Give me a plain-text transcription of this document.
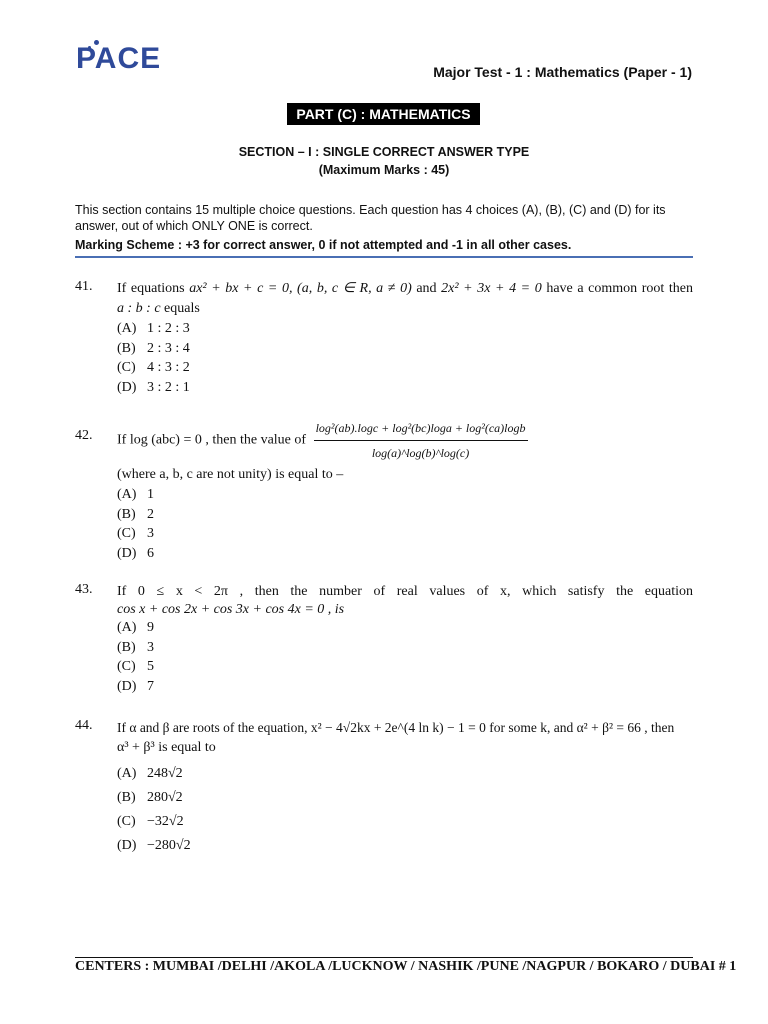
PACE	Major Test - 1 : Mathematics (Paper - 1)
PART (C) : MATHEMATICS
SECTION – I : SINGLE CORRECT ANSWER TYPE
(Maximum Marks : 45)
This section contains 15 multiple choice questions. Each question has 4 choices (A), (B), (C) and (D) for its answer, out of which ONLY ONE is correct.
Marking Scheme : +3 for correct answer, 0 if not attempted and -1 in all other cases.
41. If equations ax² + bx + c = 0, (a, b, c ∈ R, a ≠ 0) and 2x² + 3x + 4 = 0 have a common root then
a : b : c equals
(A) 1 : 2 : 3
(B) 2 : 3 : 4
(C) 4 : 3 : 2
(D) 3 : 2 : 1
42. If log (abc) = 0 , then the value of $\frac{\text{log²(ab).logc + log²(bc)loga + log²(ca)logb}}{\log(a)\^{}\log(b)\^{}\log(c)}$
(where a, b, c are not unity) is equal to –
(A) 1
(B) 2
(C) 3
(D) 6
43. If 0 ≤ x < 2π , then the number of real values of x, which satisfy the equation
cos x + cos 2x + cos 3x + cos 4x = 0 , is
(A) 9
(B) 3
(C) 5
(D) 7
44. If α and β are roots of the equation, x² − 4√2kx + 2e^(4 ln k) − 1 = 0 for some k, and α² + β² = 66 , then
α³ + β³ is equal to
(A) 248√2
(B) 280√2
(C) −32√2
(D) −280√2
CENTERS : MUMBAI /DELHI /AKOLA /LUCKNOW / NASHIK /PUNE /NAGPUR / BOKARO / DUBAI # 1
